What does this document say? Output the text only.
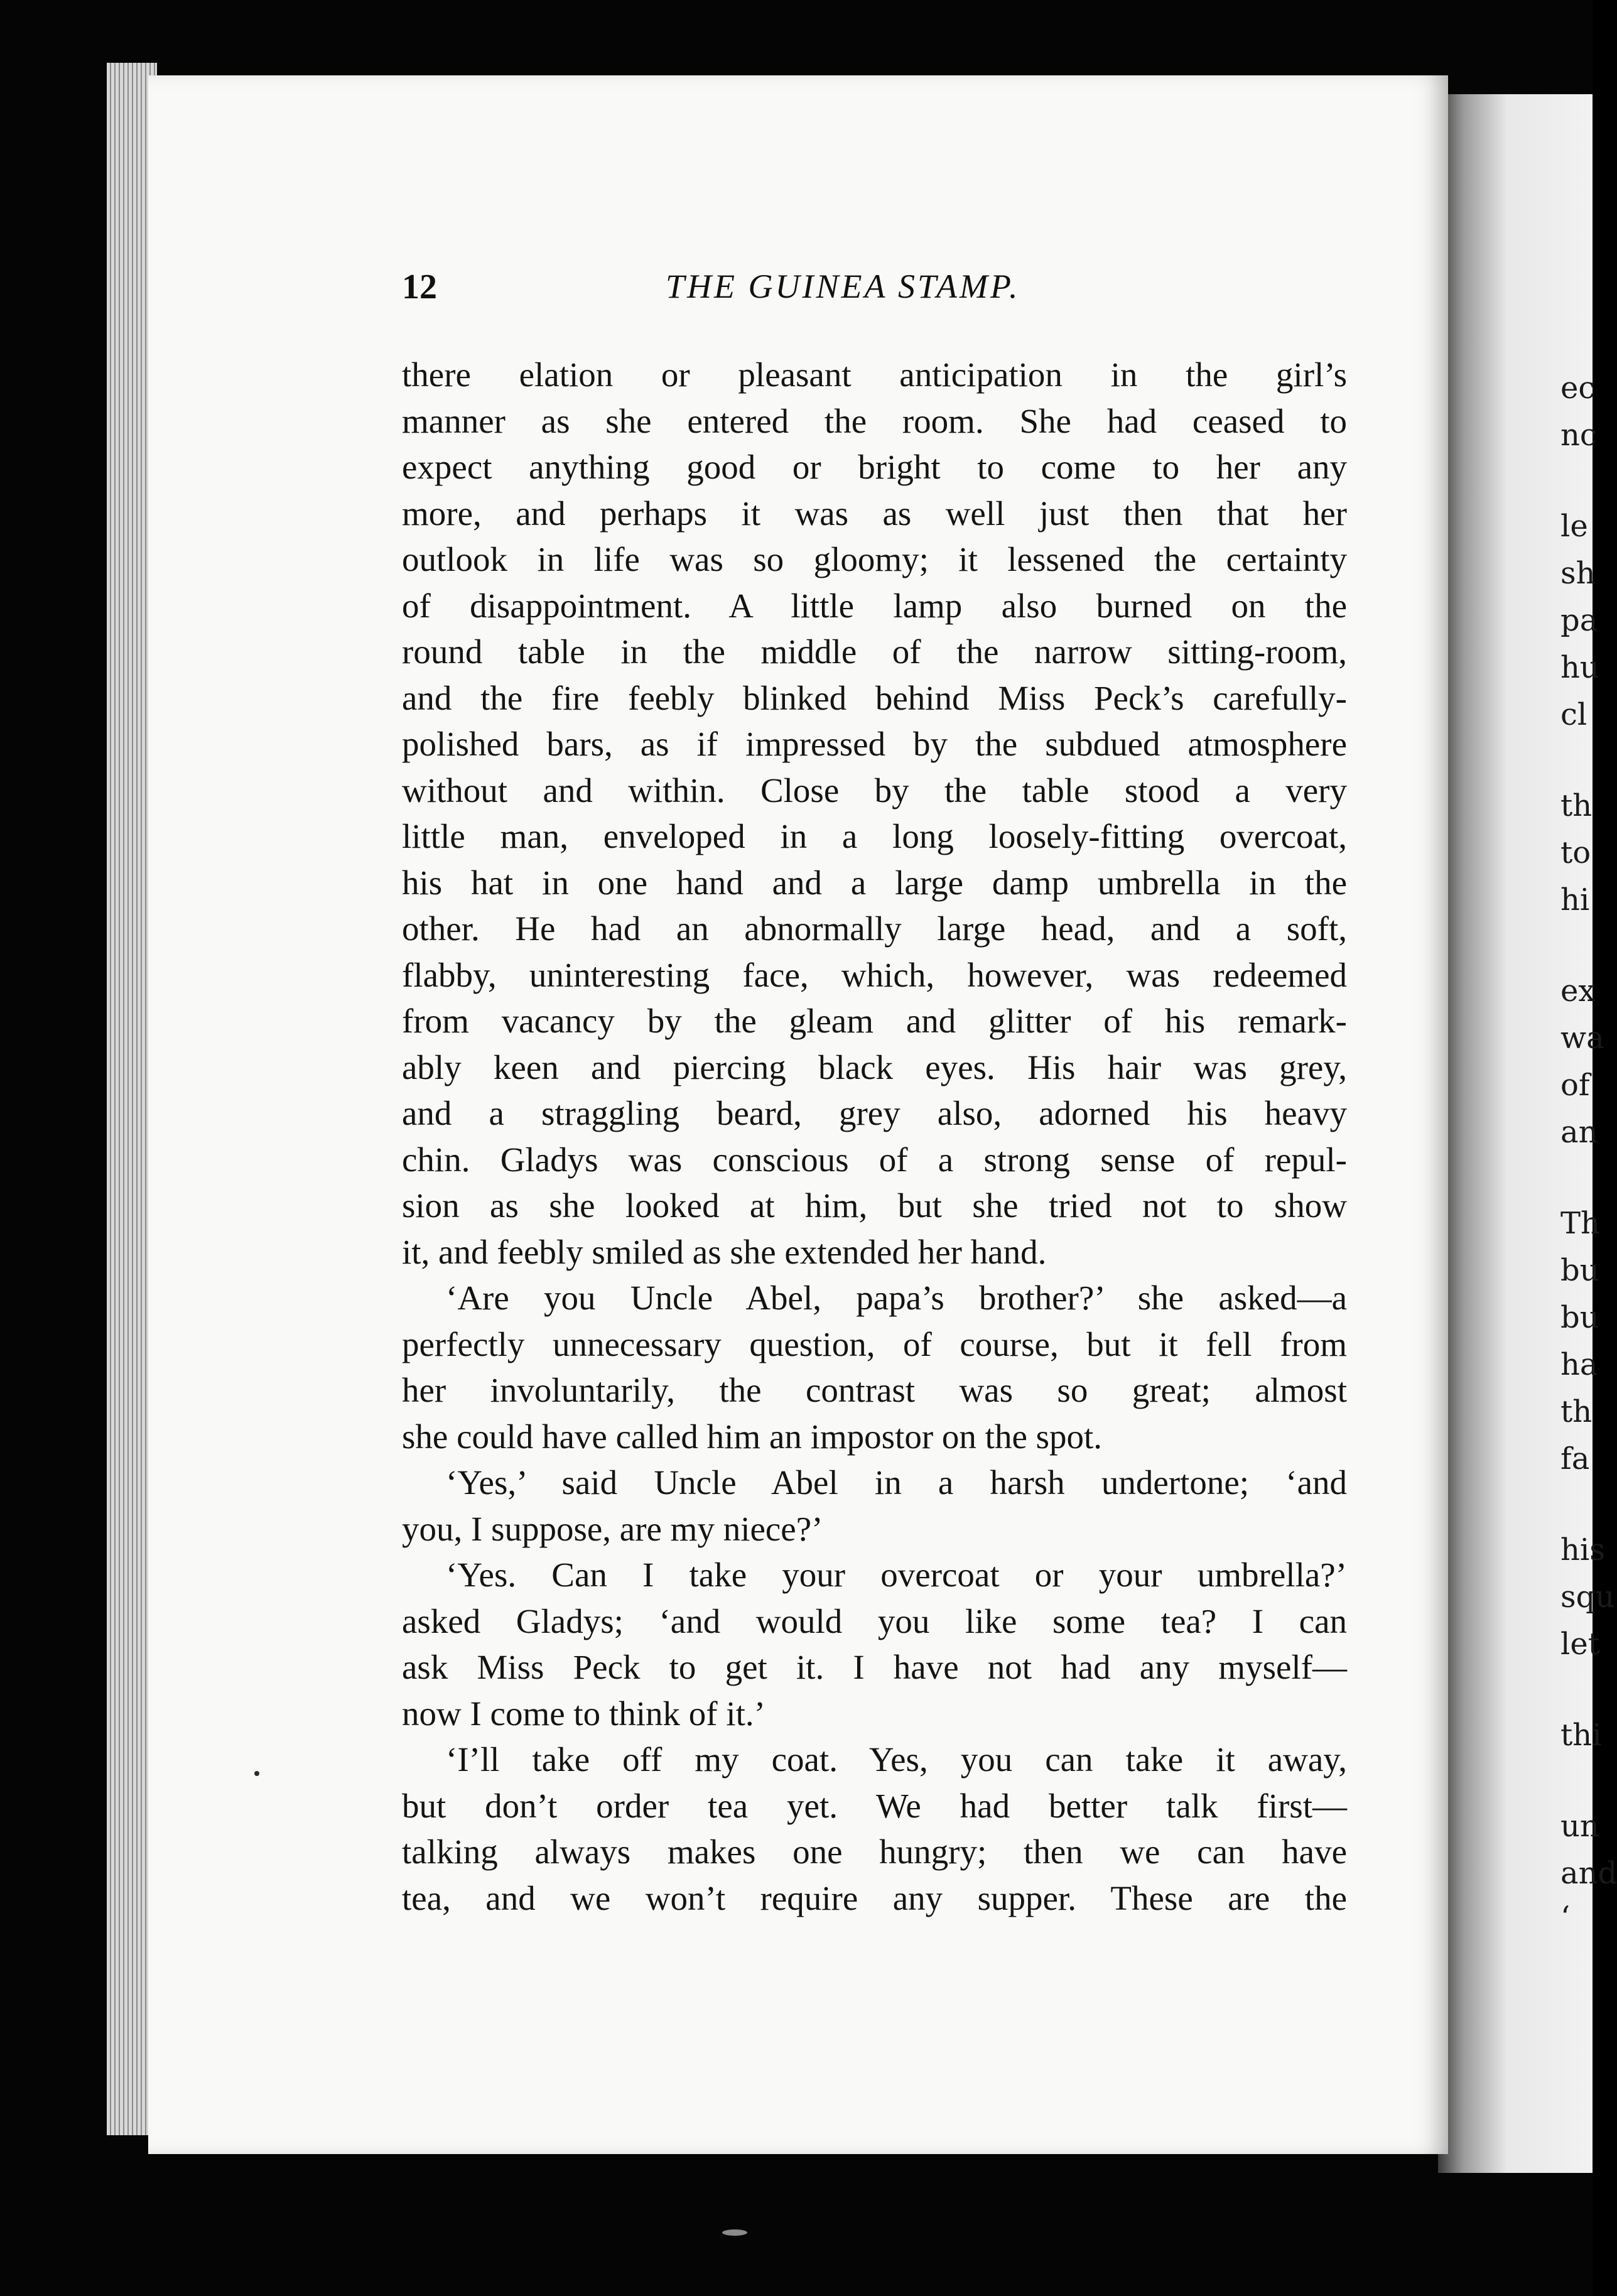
12	THE GUINEA STAMP.
there elation or pleasant anticipation in the girl’s
manner as she entered the room. She had ceased to
expect anything good or bright to come to her any
more, and perhaps it was as well just then that her
outlook in life was so gloomy; it lessened the certainty
of disappointment. A little lamp also burned on the
round table in the middle of the narrow sitting-room,
and the fire feebly blinked behind Miss Peck’s carefully-
polished bars, as if impressed by the subdued atmosphere
without and within. Close by the table stood a very
little man, enveloped in a long loosely-fitting overcoat,
his hat in one hand and a large damp umbrella in the
other. He had an abnormally large head, and a soft,
flabby, uninteresting face, which, however, was redeemed
from vacancy by the gleam and glitter of his remark-
ably keen and piercing black eyes. His hair was grey,
and a straggling beard, grey also, adorned his heavy
chin. Gladys was conscious of a strong sense of repul-
sion as she looked at him, but she tried not to show
it, and feebly smiled as she extended her hand.
‘Are you Uncle Abel, papa’s brother?’ she asked—a
perfectly unnecessary question, of course, but it fell from
her involuntarily, the contrast was so great; almost
she could have called him an impostor on the spot.
‘Yes,’ said Uncle Abel in a harsh undertone; ‘and
you, I suppose, are my niece?’
‘Yes. Can I take your overcoat or your umbrella?’
asked Gladys; ‘and would you like some tea? I can
ask Miss Peck to get it. I have not had any myself—
now I come to think of it.’
‘I’ll take off my coat. Yes, you can take it away,
but don’t order tea yet. We had better talk first—
talking always makes one hungry; then we can have
tea, and we won’t require any supper. These are the
ec
nc
le
sh
pa
hu
cl
th
to
hi
ex
wa
of
an
Th
bu
bu
ha
th
fa
his
squ
let
thi
un
and
‘
